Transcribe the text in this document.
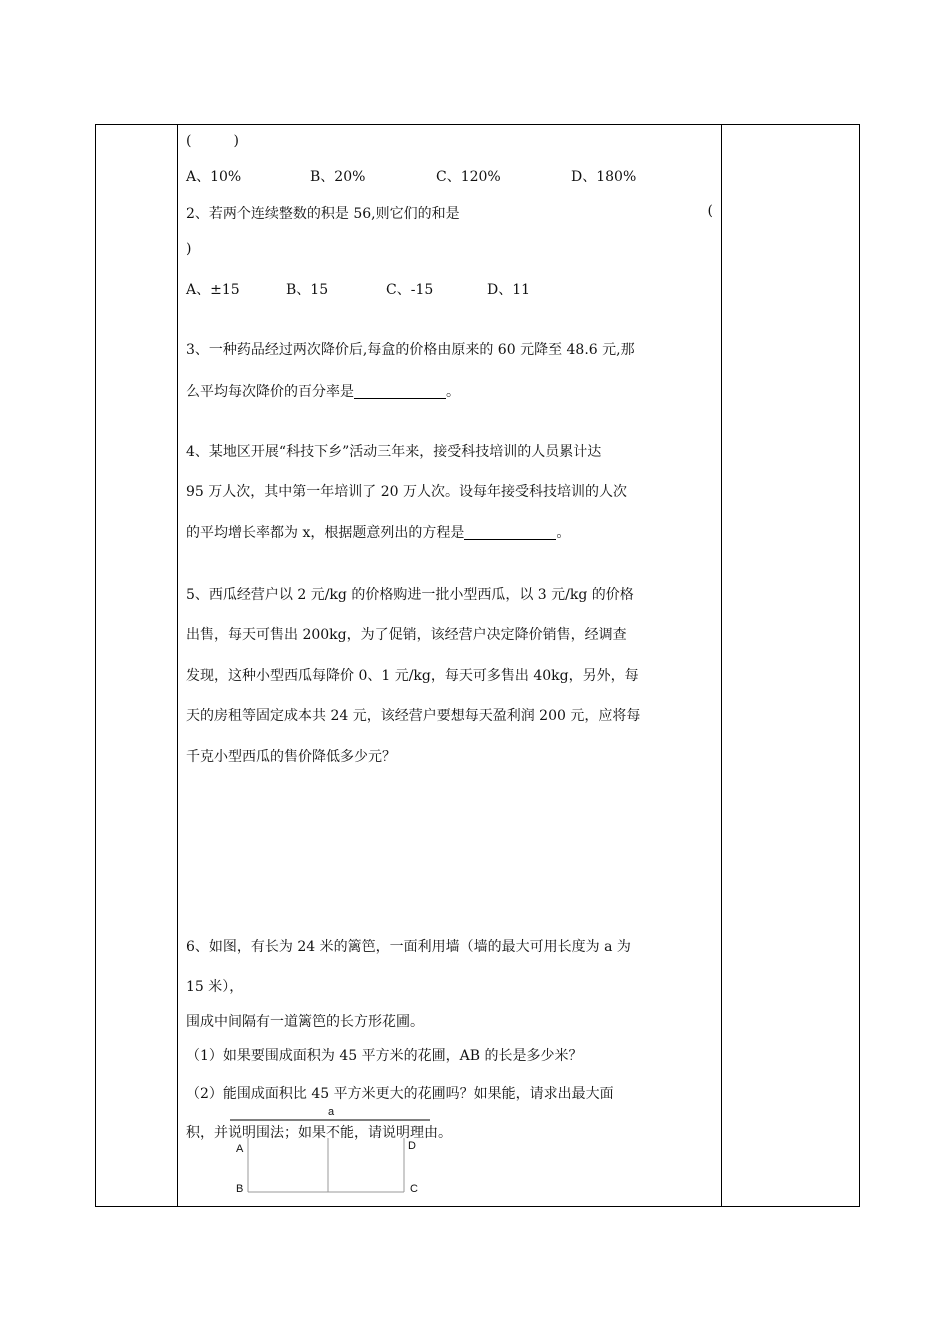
(　　　)
A、10%	B、20%	C、120%	D、180%
2、若两个连续整数的积是 56,则它们的和是	(
)
A、±15	B、15	C、-15	D、11
3、一种药品经过两次降价后,每盒的价格由原来的 60 元降至 48.6 元,那
么平均每次降价的百分率是	。
4、某地区开展“科技下乡”活动三年来，接受科技培训的人员累计达
95 万人次，其中第一年培训了 20 万人次。设每年接受科技培训的人次
的平均增长率都为 x，根据题意列出的方程是	。
5、西瓜经营户以 2 元/kg 的价格购进一批小型西瓜，以 3 元/kg 的价格
出售，每天可售出 200kg，为了促销，该经营户决定降价销售，经调查
发现，这种小型西瓜每降价 0、1 元/kg，每天可多售出 40kg，另外，每
天的房租等固定成本共 24 元，该经营户要想每天盈利润 200 元，应将每
千克小型西瓜的售价降低多少元？
6、如图，有长为 24 米的篱笆，一面利用墙（墙的最大可用长度为 a 为
15 米），
围成中间隔有一道篱笆的长方形花圃。
（1）如果要围成面积为 45 平方米的花圃，AB 的长是多少米？
（2）能围成面积比 45 平方米更大的花圃吗？如果能，请求出最大面
积，并说明围法；如果不能，请说明理由。
a
A
B	C
D
